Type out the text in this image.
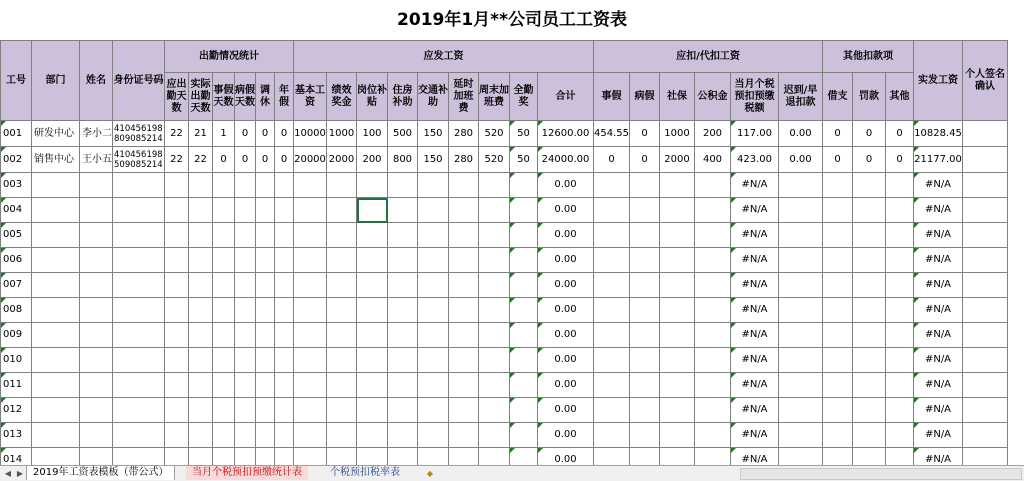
2019年1月**公司员工工资表
工号	部门	姓名	身份证号码	出勤情况统计						应发工资									应扣/代扣工资						其他扣款项			实发工资	个人签名确认
				应出勤天数	实际出勤天数	事假天数	病假天数	调休	年假	基本工资	绩效奖金	岗位补贴	住房补助	交通补助	延时加班费	周末加班费	全勤奖	合计	事假	病假	社保	公积金	当月个税预扣预缴税额	迟到/早退扣款	借支	罚款	其他		
001	研发中心	李小二	410456198809085214	22	21	1	0	0	0	10000	1000	100	500	150	280	520	50	12600.00	454.55	0	1000	200	117.00	0.00	0	0	0	10828.45	
002	销售中心	王小五	410456198509085214	22	22	0	0	0	0	20000	2000	200	800	150	280	520	50	24000.00	0	0	2000	400	423.00	0.00	0	0	0	21177.00	
003																		0.00					#N/A					#N/A	
004																		0.00					#N/A					#N/A	
005																		0.00					#N/A					#N/A	
006																		0.00					#N/A					#N/A	
007																		0.00					#N/A					#N/A	
008																		0.00					#N/A					#N/A	
009																		0.00					#N/A					#N/A	
010																		0.00					#N/A					#N/A	
011																		0.00					#N/A					#N/A	
012																		0.00					#N/A					#N/A	
013																		0.00					#N/A					#N/A	
014																		0.00					#N/A					#N/A	
◀ ▶ 2019年工资表模板（带公式）	当月个税预扣预缴统计表	个税预扣税率表	◆
